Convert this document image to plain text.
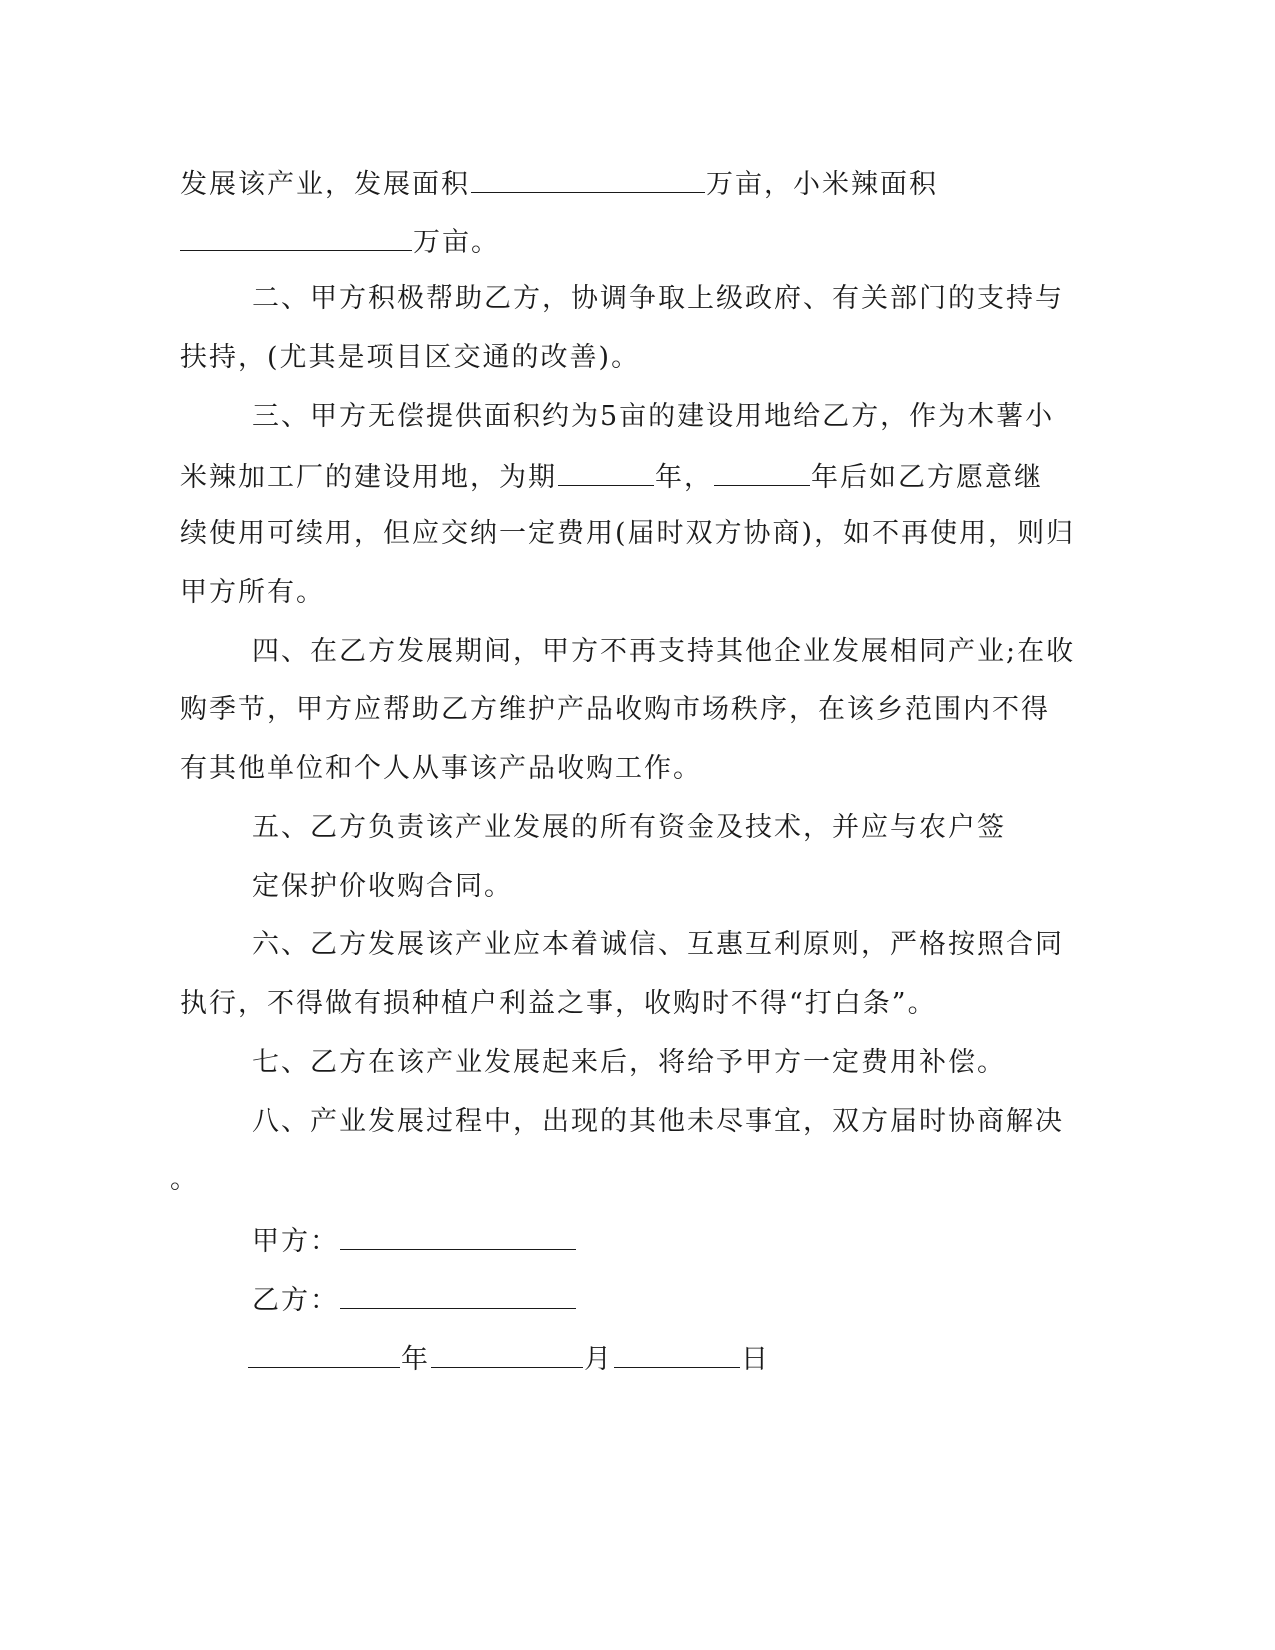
发展该产业，发展面积	万亩，小米辣面积
万亩。
二、甲方积极帮助乙方，协调争取上级政府、有关部门的支持与
扶持，(尤其是项目区交通的改善)。
三、甲方无偿提供面积约为5亩的建设用地给乙方，作为木薯小
米辣加工厂的建设用地，为期	年，	年后如乙方愿意继
续使用可续用，但应交纳一定费用(届时双方协商)，如不再使用，则归
甲方所有。
四、在乙方发展期间，甲方不再支持其他企业发展相同产业;在收
购季节，甲方应帮助乙方维护产品收购市场秩序，在该乡范围内不得
有其他单位和个人从事该产品收购工作。
五、乙方负责该产业发展的所有资金及技术，并应与农户签
定保护价收购合同。
六、乙方发展该产业应本着诚信、互惠互利原则，严格按照合同
执行，不得做有损种植户利益之事，收购时不得“打白条”。
七、乙方在该产业发展起来后，将给予甲方一定费用补偿。
八、产业发展过程中，出现的其他未尽事宜，双方届时协商解决
。
甲方：
乙方：
年	月	日
